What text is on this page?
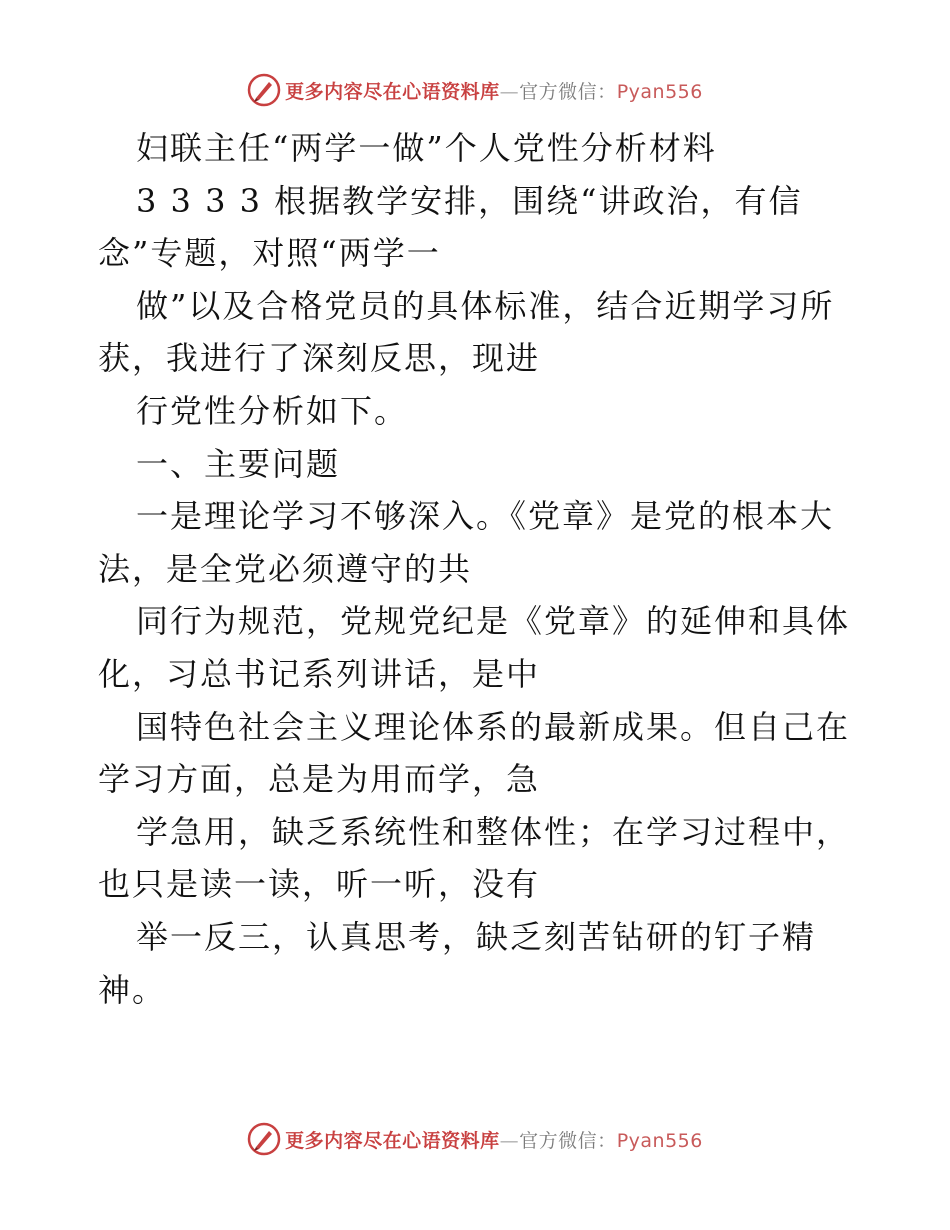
更多内容尽在心语资料库—官方微信：Pyan556
妇联主任“两学一做”个人党性分析材料
3 3 3 3 根据教学安排，围绕“讲政治，有信
念”专题，对照“两学一
做”以及合格党员的具体标准，结合近期学习所
获，我进行了深刻反思，现进
行党性分析如下。
一、主要问题
一是理论学习不够深入。《党章》是党的根本大
法，是全党必须遵守的共
同行为规范，党规党纪是《党章》的延伸和具体
化，习总书记系列讲话，是中
国特色社会主义理论体系的最新成果。但自己在
学习方面，总是为用而学，急
学急用，缺乏系统性和整体性；在学习过程中，
也只是读一读，听一听，没有
举一反三，认真思考，缺乏刻苦钻研的钉子精
神。
更多内容尽在心语资料库—官方微信：Pyan556
